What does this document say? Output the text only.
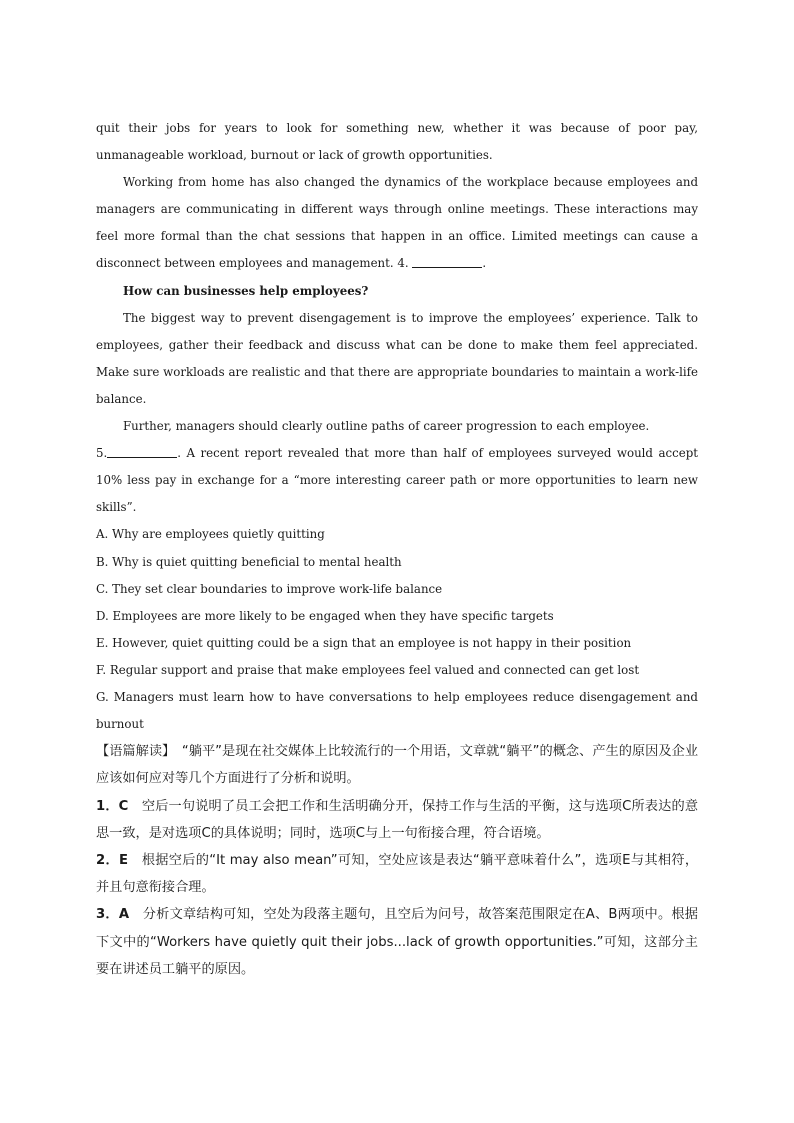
quit their jobs for years to look for something new, whether it was because of poor pay, unmanageable workload, burnout or lack of growth opportunities.

Working from home has also changed the dynamics of the workplace because employees and managers are communicating in different ways through online meetings. These interactions may feel more formal than the chat sessions that happen in an office. Limited meetings can cause a disconnect between employees and management. 4.	.

How can businesses help employees?

The biggest way to prevent disengagement is to improve the employees’ experience. Talk to employees, gather their feedback and discuss what can be done to make them feel appreciated. Make sure workloads are realistic and that there are appropriate boundaries to maintain a work-life balance.

Further, managers should clearly outline paths of career progression to each employee.

5.	. A recent report revealed that more than half of employees surveyed would accept 10% less pay in exchange for a “more interesting career path or more opportunities to learn new skills”.

A. Why are employees quietly quitting

B. Why is quiet quitting beneficial to mental health

C. They set clear boundaries to improve work-life balance

D. Employees are more likely to be engaged when they have specific targets

E. However, quiet quitting could be a sign that an employee is not happy in their position

F. Regular support and praise that make employees feel valued and connected can get lost

G. Managers must learn how to have conversations to help employees reduce disengagement and burnout

【语篇解读】　 “躺平”是现在社交媒体上比较流行的一个用语，文章就“躺平”的概念、产生的原因及企业应该如何应对等几个方面进行了分析和说明。

1．C　 空后一句说明了员工会把工作和生活明确分开，保持工作与生活的平衡，这与选项C所表达的意思一致，是对选项C的具体说明；同时，选项C与上一句衔接合理，符合语境。

2．E　 根据空后的“It may also mean”可知，空处应该是表达“躺平意味着什么”，选项E与其相符，并且句意衔接合理。

3．A　 分析文章结构可知，空处为段落主题句，且空后为问号，故答案范围限定在A、B两项中。根据下文中的“Workers have quietly quit their jobs...lack of growth opportunities.”可知，这部分主要在讲述员工躺平的原因。
